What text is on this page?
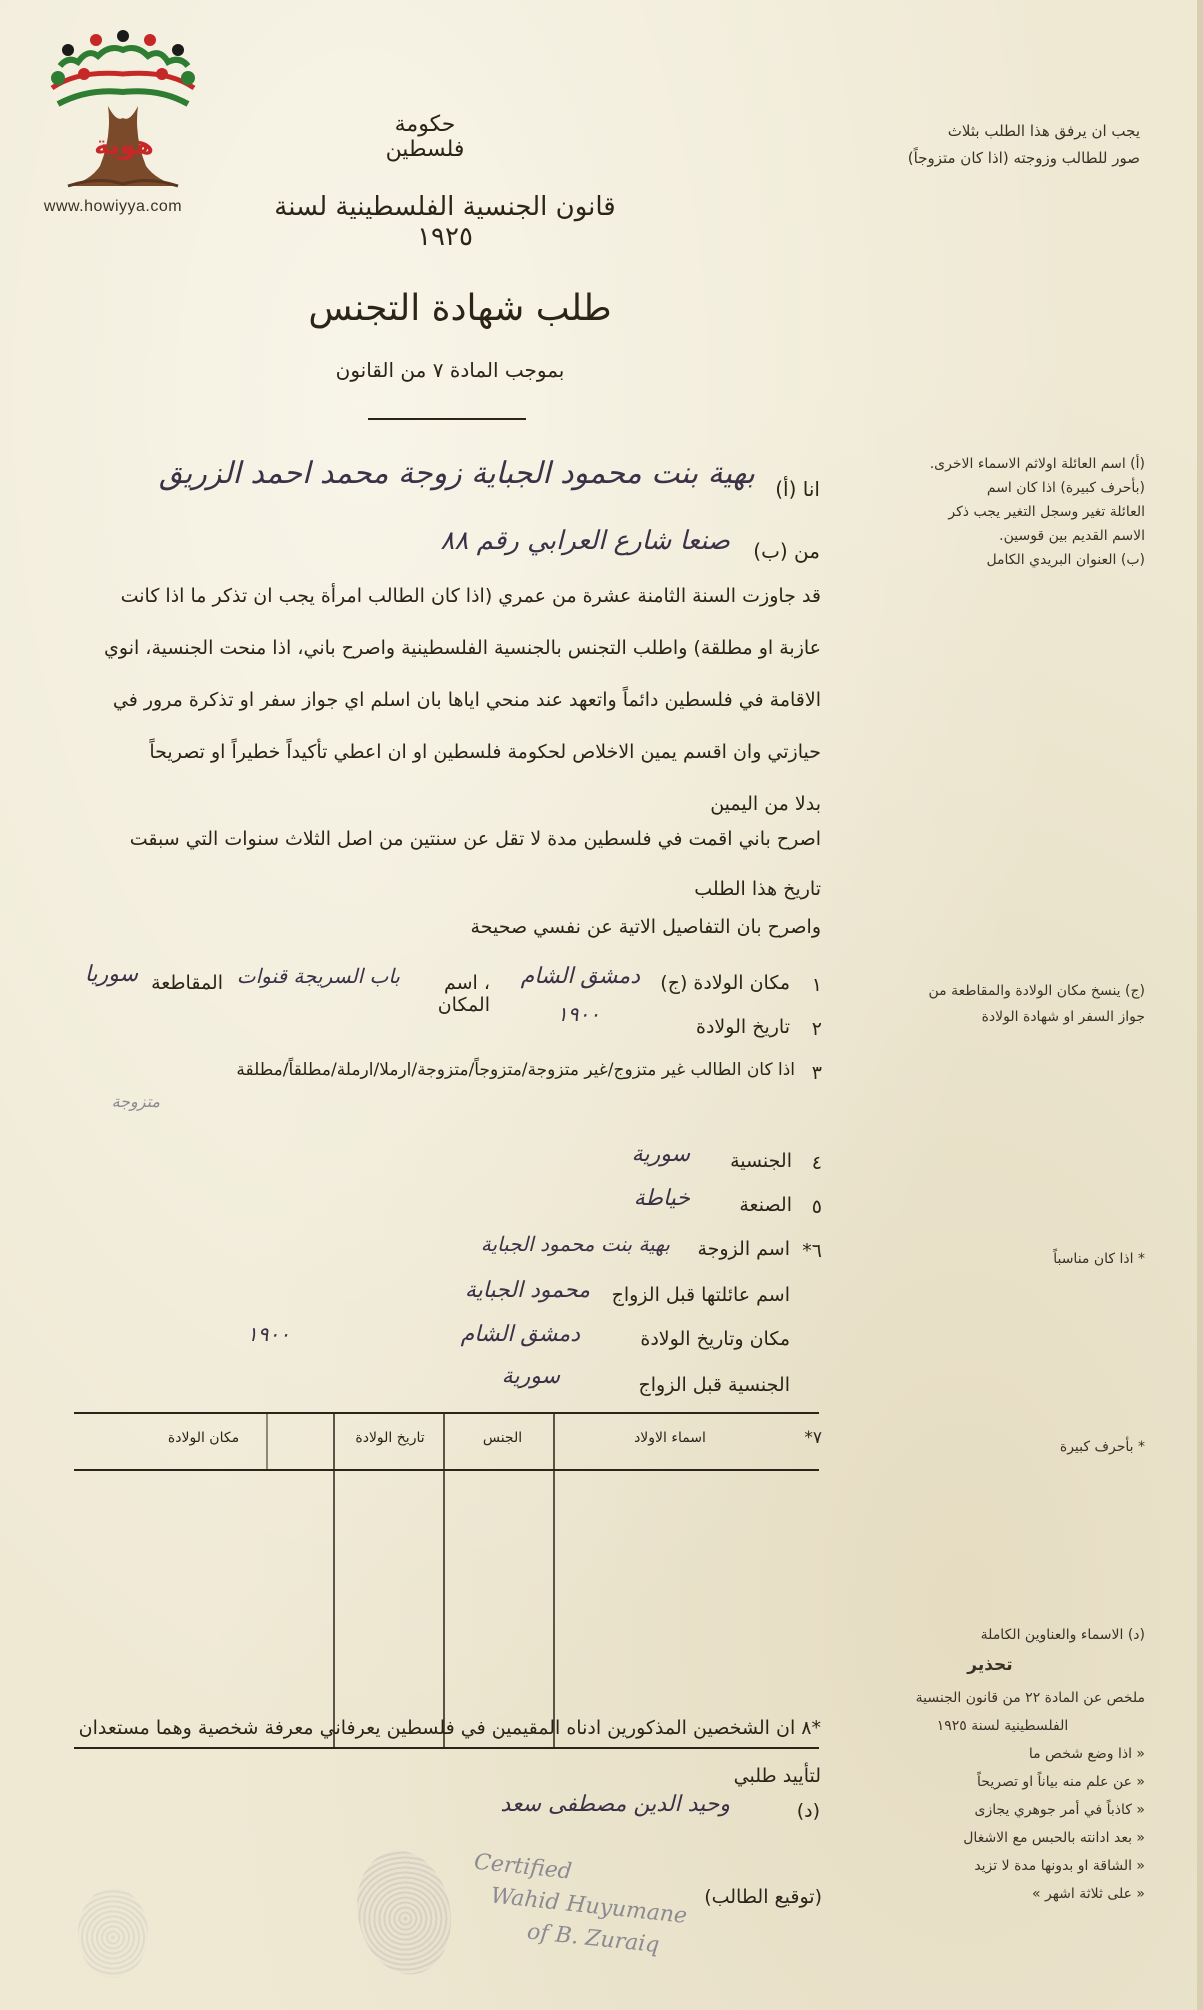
هوية
www.howiyya.com
حكومة فلسطين
قانون الجنسية الفلسطينية لسنة ١٩٢٥
طلب شهادة التجنس
بموجب المادة ٧ من القانون
يجب ان يرفق هذا الطلب بثلاث
صور للطالب وزوجته (اذا كان متزوجاً)
(أ) اسم العائلة اولاثم الاسماء الاخرى.
(بأحرف كبيرة) اذا كان اسم
العائلة تغير وسجل التغير يجب ذكر
الاسم القديم بين قوسين.
(ب) العنوان البريدي الكامل
(ج) ينسخ مكان الولادة والمقاطعة من
جواز السفر او شهادة الولادة
* اذا كان مناسباً
* بأحرف كبيرة
(د) الاسماء والعناوين الكاملة
تحذير
ملخص عن المادة ٢٢ من قانون الجنسية
الفلسطينية لسنة ١٩٢٥
« اذا وضع شخص ما
« عن علم منه بياناً او تصريحاً
« كاذباً في أمر جوهري يجازى
« بعد ادانته بالحبس مع الاشغال
« الشاقة او بدونها مدة لا تزيد
« على ثلاثة اشهر »
انا (أ)
بهية بنت محمود الجباية زوجة محمد احمد الزريق
من (ب)
صنعا شارع العرابي رقم ٨٨
قد جاوزت السنة الثامنة عشرة من عمري (اذا كان الطالب امرأة يجب ان تذكر ما اذا كانت
عازبة او مطلقة) واطلب التجنس بالجنسية الفلسطينية واصرح باني، اذا منحت الجنسية، انوي
الاقامة في فلسطين دائماً واتعهد عند منحي اياها بان اسلم اي جواز سفر او تذكرة مرور في
حيازتي وان اقسم يمين الاخلاص لحكومة فلسطين او ان اعطي تأكيداً خطيراً او تصريحاً
بدلا من اليمين
اصرح باني اقمت في فلسطين مدة لا تقل عن سنتين من اصل الثلاث سنوات التي سبقت
تاريخ هذا الطلب
واصرح بان التفاصيل الاتية عن نفسي صحيحة
١
مكان الولادة (ج)
دمشق الشام
، اسم المكان
باب السريجة قنوات
المقاطعة
سوريا
٢
تاريخ الولادة
١٩٠٠
٣
اذا كان الطالب غير متزوج/غير متزوجة/متزوجاً/متزوجة/ارملا/ارملة/مطلقاً/مطلقة
متزوجة
٤
الجنسية
سورية
٥
الصنعة
خياطة
*٦
اسم الزوجة
بهية بنت محمود الجباية
اسم عائلتها قبل الزواج
محمود الجباية
مكان وتاريخ الولادة
دمشق الشام
١٩٠٠
الجنسية قبل الزواج
سورية
*٧
اسماء الاولاد
الجنس
تاريخ الولادة
مكان الولادة
*٨ ان الشخصين المذكورين ادناه المقيمين في فلسطين يعرفاني معرفة شخصية وهما مستعدان
لتأييد طلبي
(د)
وحيد الدين مصطفى سعد
(توقيع الطالب)
Certified
Wahid Huyumane
of B. Zuraiq
